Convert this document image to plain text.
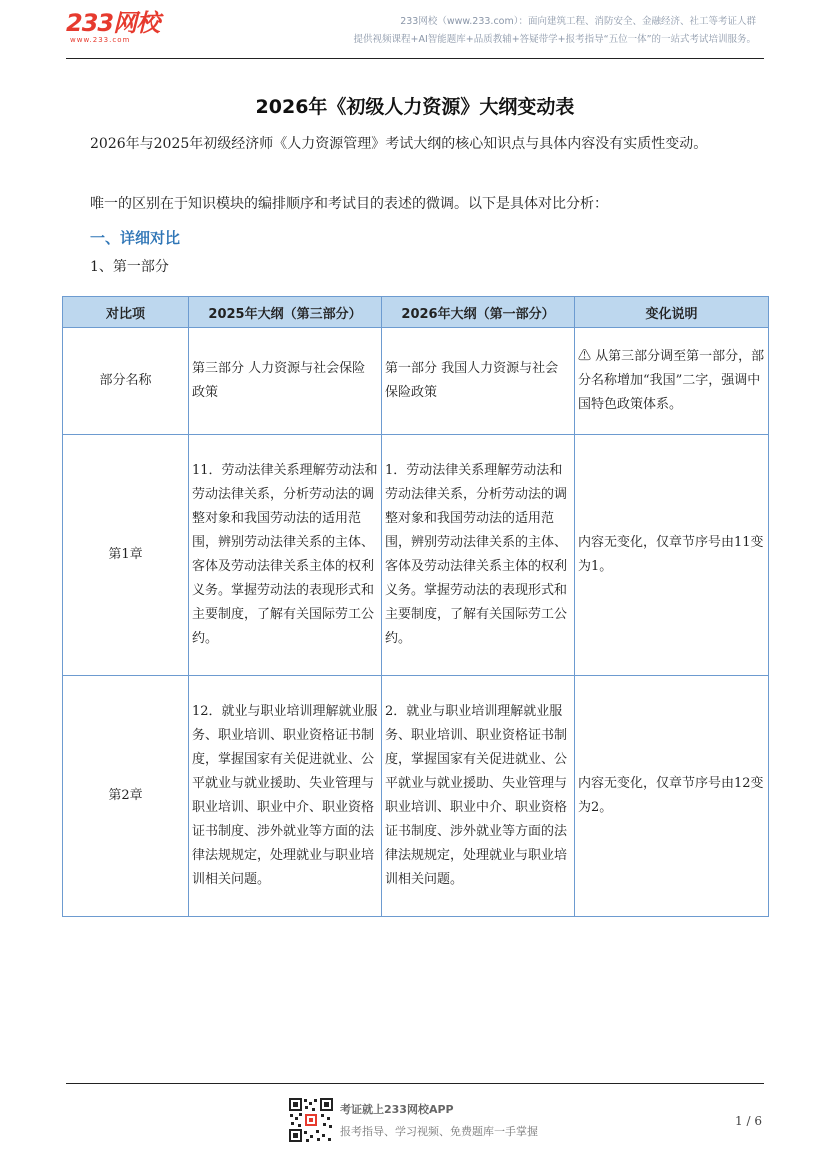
233网校
www.233.com
233网校（www.233.com）：面向建筑工程、消防安全、金融经济、社工等考证人群
提供视频课程+AI智能题库+品质教辅+答疑带学+报考指导“五位一体”的一站式考试培训服务。
2026年《初级人力资源》大纲变动表
2026年与2025年初级经济师《人力资源管理》考试大纲的核心知识点与具体内容没有实质性变动。
唯一的区别在于知识模块的编排顺序和考试目的表述的微调。以下是具体对比分析：
一、详细对比
1、第一部分
对比项	2025年大纲（第三部分）	2026年大纲（第一部分）	变化说明
部分名称	第三部分 人力资源与社会保险政策	第一部分 我国人力资源与社会保险政策	⚠ 从第三部分调至第一部分，部分名称增加“我国”二字，强调中国特色政策体系。
第1章	11．劳动法律关系理解劳动法和劳动法律关系，分析劳动法的调整对象和我国劳动法的适用范围，辨别劳动法律关系的主体、客体及劳动法律关系主体的权利义务。掌握劳动法的表现形式和主要制度，了解有关国际劳工公约。	1．劳动法律关系理解劳动法和劳动法律关系，分析劳动法的调整对象和我国劳动法的适用范围，辨别劳动法律关系的主体、客体及劳动法律关系主体的权利义务。掌握劳动法的表现形式和主要制度，了解有关国际劳工公约。	内容无变化，仅章节序号由11变为1。
第2章	12．就业与职业培训理解就业服务、职业培训、职业资格证书制度，掌握国家有关促进就业、公平就业与就业援助、失业管理与职业培训、职业中介、职业资格证书制度、涉外就业等方面的法律法规规定，处理就业与职业培训相关问题。	2．就业与职业培训理解就业服务、职业培训、职业资格证书制度，掌握国家有关促进就业、公平就业与就业援助、失业管理与职业培训、职业中介、职业资格证书制度、涉外就业等方面的法律法规规定，处理就业与职业培训相关问题。	内容无变化，仅章节序号由12变为2。
考证就上233网校APP
报考指导、学习视频、免费题库一手掌握
1 / 6
